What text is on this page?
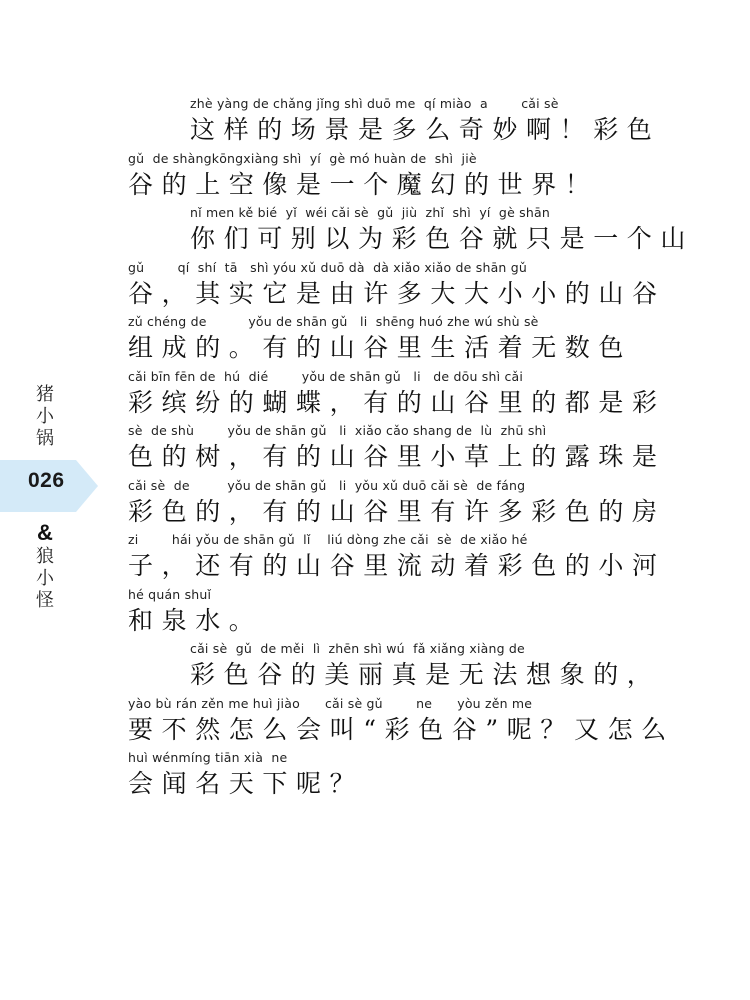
猪
小
锅
026
&
狼
小
怪
zhè yàng de chǎng jǐng shì duō me  qí miào  a        cǎi sè
这样的场景是多么奇妙啊！彩色
gǔ  de shàngkōngxiàng shì  yí  gè mó huàn de  shì  jiè
谷的上空像是一个魔幻的世界！
nǐ men kě bié  yǐ  wéi cǎi sè  gǔ  jiù  zhǐ  shì  yí  gè shān
你们可别以为彩色谷就只是一个山
gǔ        qí  shí  tā   shì yóu xǔ duō dà  dà xiǎo xiǎo de shān gǔ
谷，其实它是由许多大大小小的山谷
zǔ chéng de          yǒu de shān gǔ   li  shēng huó zhe wú shù sè
组成的。有的山谷里生活着无数色
cǎi bīn fēn de  hú  dié        yǒu de shān gǔ   li   de dōu shì cǎi
彩缤纷的蝴蝶，有的山谷里的都是彩
sè  de shù        yǒu de shān gǔ   li  xiǎo cǎo shang de  lù  zhū shì
色的树，有的山谷里小草上的露珠是
cǎi sè  de         yǒu de shān gǔ   li  yǒu xǔ duō cǎi sè  de fáng
彩色的，有的山谷里有许多彩色的房
zi        hái yǒu de shān gǔ  lǐ    liú dòng zhe cǎi  sè  de xiǎo hé
子，还有的山谷里流动着彩色的小河
hé quán shuǐ
和泉水。
cǎi sè  gǔ  de měi  lì  zhēn shì wú  fǎ xiǎng xiàng de
彩色谷的美丽真是无法想象的，
yào bù rán zěn me huì jiào      cǎi sè gǔ        ne      yòu zěn me
要不然怎么会叫“彩色谷”呢？又怎么
huì wénmíng tiān xià  ne
会闻名天下呢？
